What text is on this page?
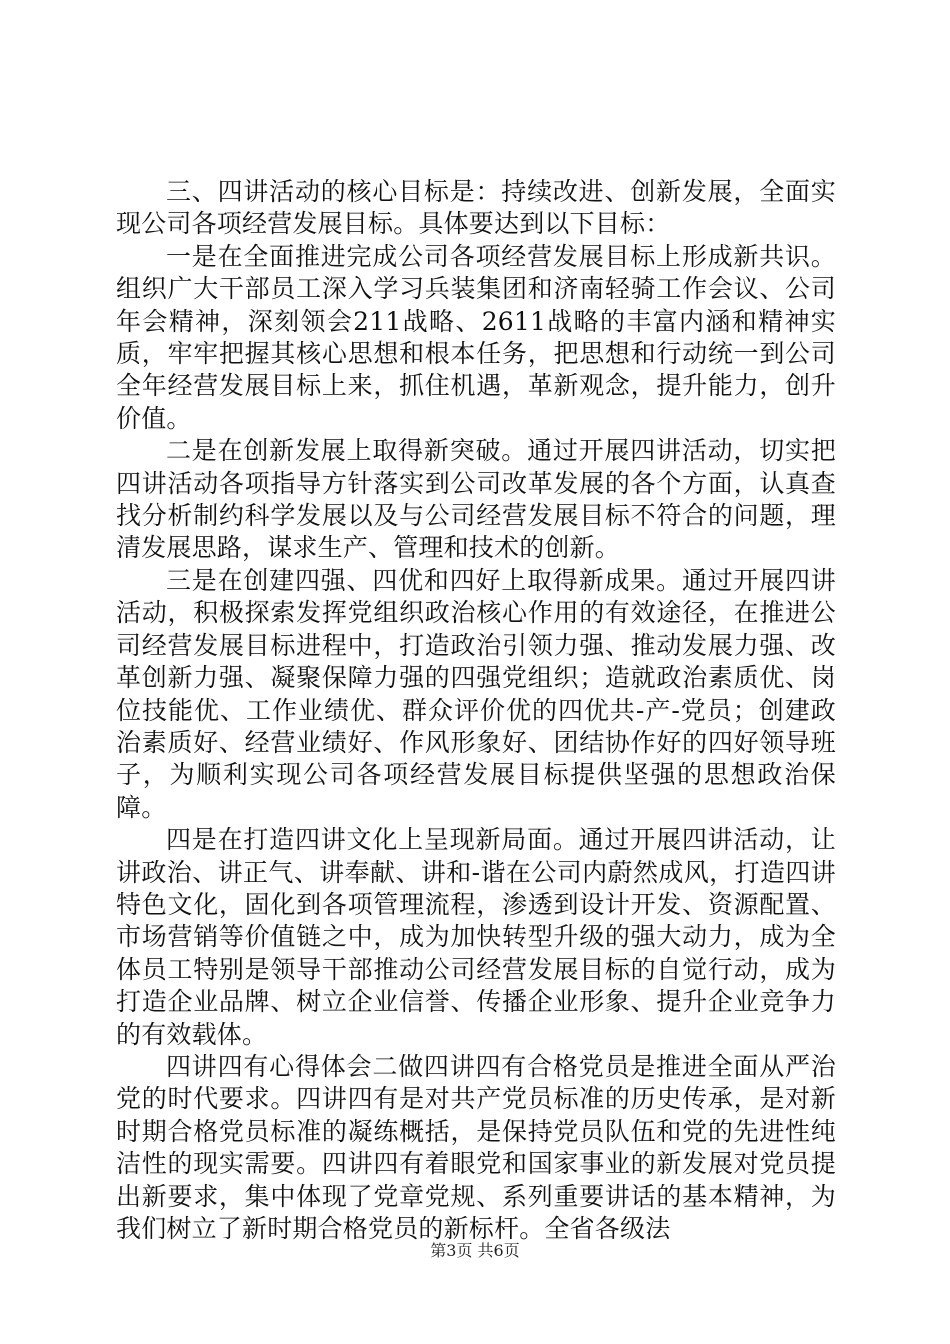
三、四讲活动的核心目标是：持续改进、创新发展，全面实现公司各项经营发展目标。具体要达到以下目标：

一是在全面推进完成公司各项经营发展目标上形成新共识。组织广大干部员工深入学习兵装集团和济南轻骑工作会议、公司年会精神，深刻领会211战略、2611战略的丰富内涵和精神实质，牢牢把握其核心思想和根本任务，把思想和行动统一到公司全年经营发展目标上来，抓住机遇，革新观念，提升能力，创升价值。

二是在创新发展上取得新突破。通过开展四讲活动，切实把四讲活动各项指导方针落实到公司改革发展的各个方面，认真查找分析制约科学发展以及与公司经营发展目标不符合的问题，理清发展思路，谋求生产、管理和技术的创新。

三是在创建四强、四优和四好上取得新成果。通过开展四讲活动，积极探索发挥党组织政治核心作用的有效途径，在推进公司经营发展目标进程中，打造政治引领力强、推动发展力强、改革创新力强、凝聚保障力强的四强党组织；造就政治素质优、岗位技能优、工作业绩优、群众评价优的四优共-产-党员；创建政治素质好、经营业绩好、作风形象好、团结协作好的四好领导班子，为顺利实现公司各项经营发展目标提供坚强的思想政治保障。

四是在打造四讲文化上呈现新局面。通过开展四讲活动，让讲政治、讲正气、讲奉献、讲和-谐在公司内蔚然成风，打造四讲特色文化，固化到各项管理流程，渗透到设计开发、资源配置、市场营销等价值链之中，成为加快转型升级的强大动力，成为全体员工特别是领导干部推动公司经营发展目标的自觉行动，成为打造企业品牌、树立企业信誉、传播企业形象、提升企业竞争力的有效载体。

四讲四有心得体会二做四讲四有合格党员是推进全面从严治党的时代要求。四讲四有是对共产党员标准的历史传承，是对新时期合格党员标准的凝练概括，是保持党员队伍和党的先进性纯洁性的现实需要。四讲四有着眼党和国家事业的新发展对党员提出新要求，集中体现了党章党规、系列重要讲话的基本精神，为我们树立了新时期合格党员的新标杆。全省各级法

第3页 共6页
